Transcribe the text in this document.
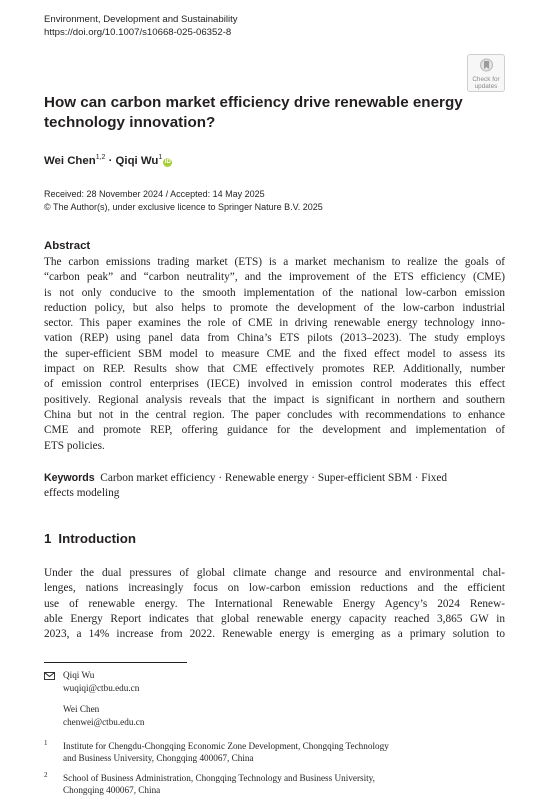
Environment, Development and Sustainability
https://doi.org/10.1007/s10668-025-06352-8
Check for
updates
How can carbon market efficiency drive renewable energy technology innovation?
Wei Chen$^{1,2}$ · Qiqi Wu$^1$iD
Received: 28 November 2024 / Accepted: 14 May 2025
© The Author(s), under exclusive licence to Springer Nature B.V. 2025
Abstract
The carbon emissions trading market (ETS) is a market mechanism to realize the goals of
“carbon peak” and “carbon neutrality”, and the improvement of the ETS efficiency (CME)
is not only conducive to the smooth implementation of the national low-carbon emission
reduction policy, but also helps to promote the development of the low-carbon industrial
sector. This paper examines the role of CME in driving renewable energy technology inno-
vation (REP) using panel data from China’s ETS pilots (2013–2023). The study employs
the super-efficient SBM model to measure CME and the fixed effect model to assess its
impact on REP. Results show that CME effectively promotes REP. Additionally, number
of emission control enterprises (IECE) involved in emission control moderates this effect
positively. Regional analysis reveals that the impact is significant in northern and southern
China but not in the central region. The paper concludes with recommendations to enhance
CME and promote REP, offering guidance for the development and implementation of
ETS policies.
Keywords Carbon market efficiency · Renewable energy · Super-efficient SBM · Fixed
effects modeling
1 Introduction
Under the dual pressures of global climate change and resource and environmental chal-
lenges, nations increasingly focus on low-carbon emission reductions and the efficient
use of renewable energy. The International Renewable Energy Agency’s 2024 Renew-
able Energy Report indicates that global renewable energy capacity reached 3,865 GW in
2023, a 14% increase from 2022. Renewable energy is emerging as a primary solution to
Qiqi Wu
wuqiqi@ctbu.edu.cn
Wei Chen
chenwei@ctbu.edu.cn
1 Institute for Chengdu-Chongqing Economic Zone Development, Chongqing Technology
and Business University, Chongqing 400067, China
2 School of Business Administration, Chongqing Technology and Business University,
Chongqing 400067, China
